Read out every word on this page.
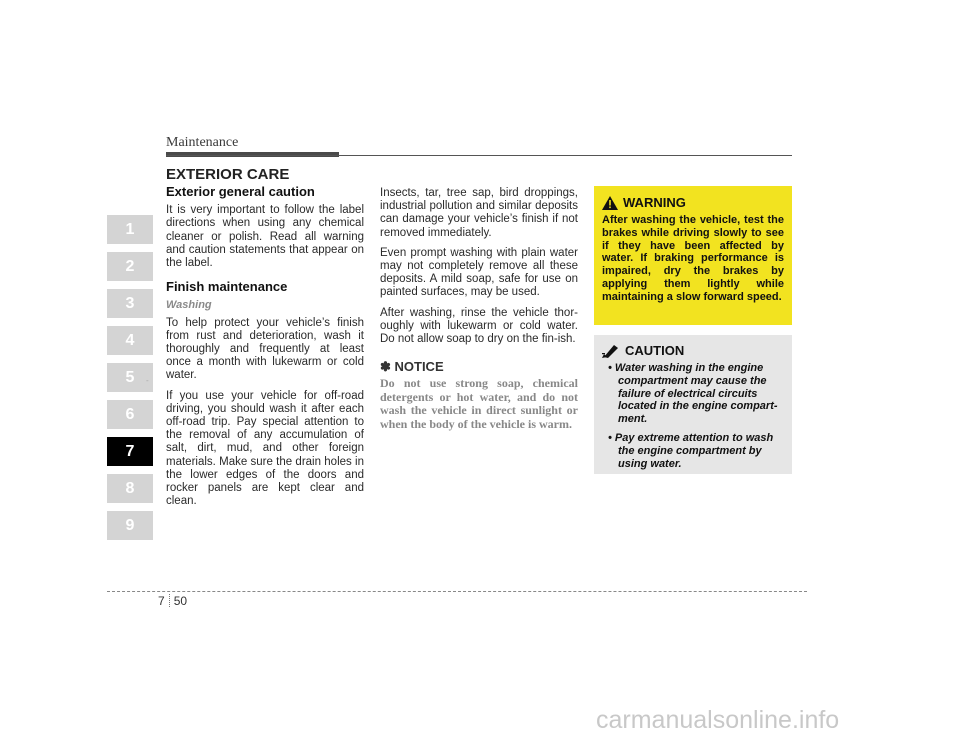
Maintenance
EXTERIOR CARE
1
2
3
4
5
6
7
8
9
-
Exterior general caution

It is very important to follow the label directions when using any chemical cleaner or polish. Read all warning and caution statements that appear on the label.

Finish maintenance
Washing

To help protect your vehicle’s finish from rust and deterioration, wash it thoroughly and frequently at least once a month with lukewarm or cold water.

If you use your vehicle for off-road driving, you should wash it after each off-road trip. Pay special attention to the removal of any accumulation of salt, dirt, mud, and other foreign materials. Make sure the drain holes in the lower edges of the doors and rocker panels are kept clear and clean.

Insects, tar, tree sap, bird droppings, industrial pollution and similar deposits can damage your vehicle’s finish if not removed immediately.

Even prompt washing with plain water may not completely remove all these deposits. A mild soap, safe for use on painted surfaces, may be used.

After washing, rinse the vehicle thor-oughly with lukewarm or cold water. Do not allow soap to dry on the fin-ish.

✽ NOTICE
Do not use strong soap, chemical detergents or hot water, and do not wash the vehicle in direct sunlight or when the body of the vehicle is warm.
WARNING
After washing the vehicle, test the brakes while driving slowly to see if they have been affected by water. If braking performance is impaired, dry the brakes by applying them lightly while maintaining a slow forward speed.
CAUTION
• Water washing in the engine compartment may cause the failure of electrical circuits located in the engine compart-ment.
• Pay extreme attention to wash the engine compartment by using water.
7 50
carmanualsonline.info
